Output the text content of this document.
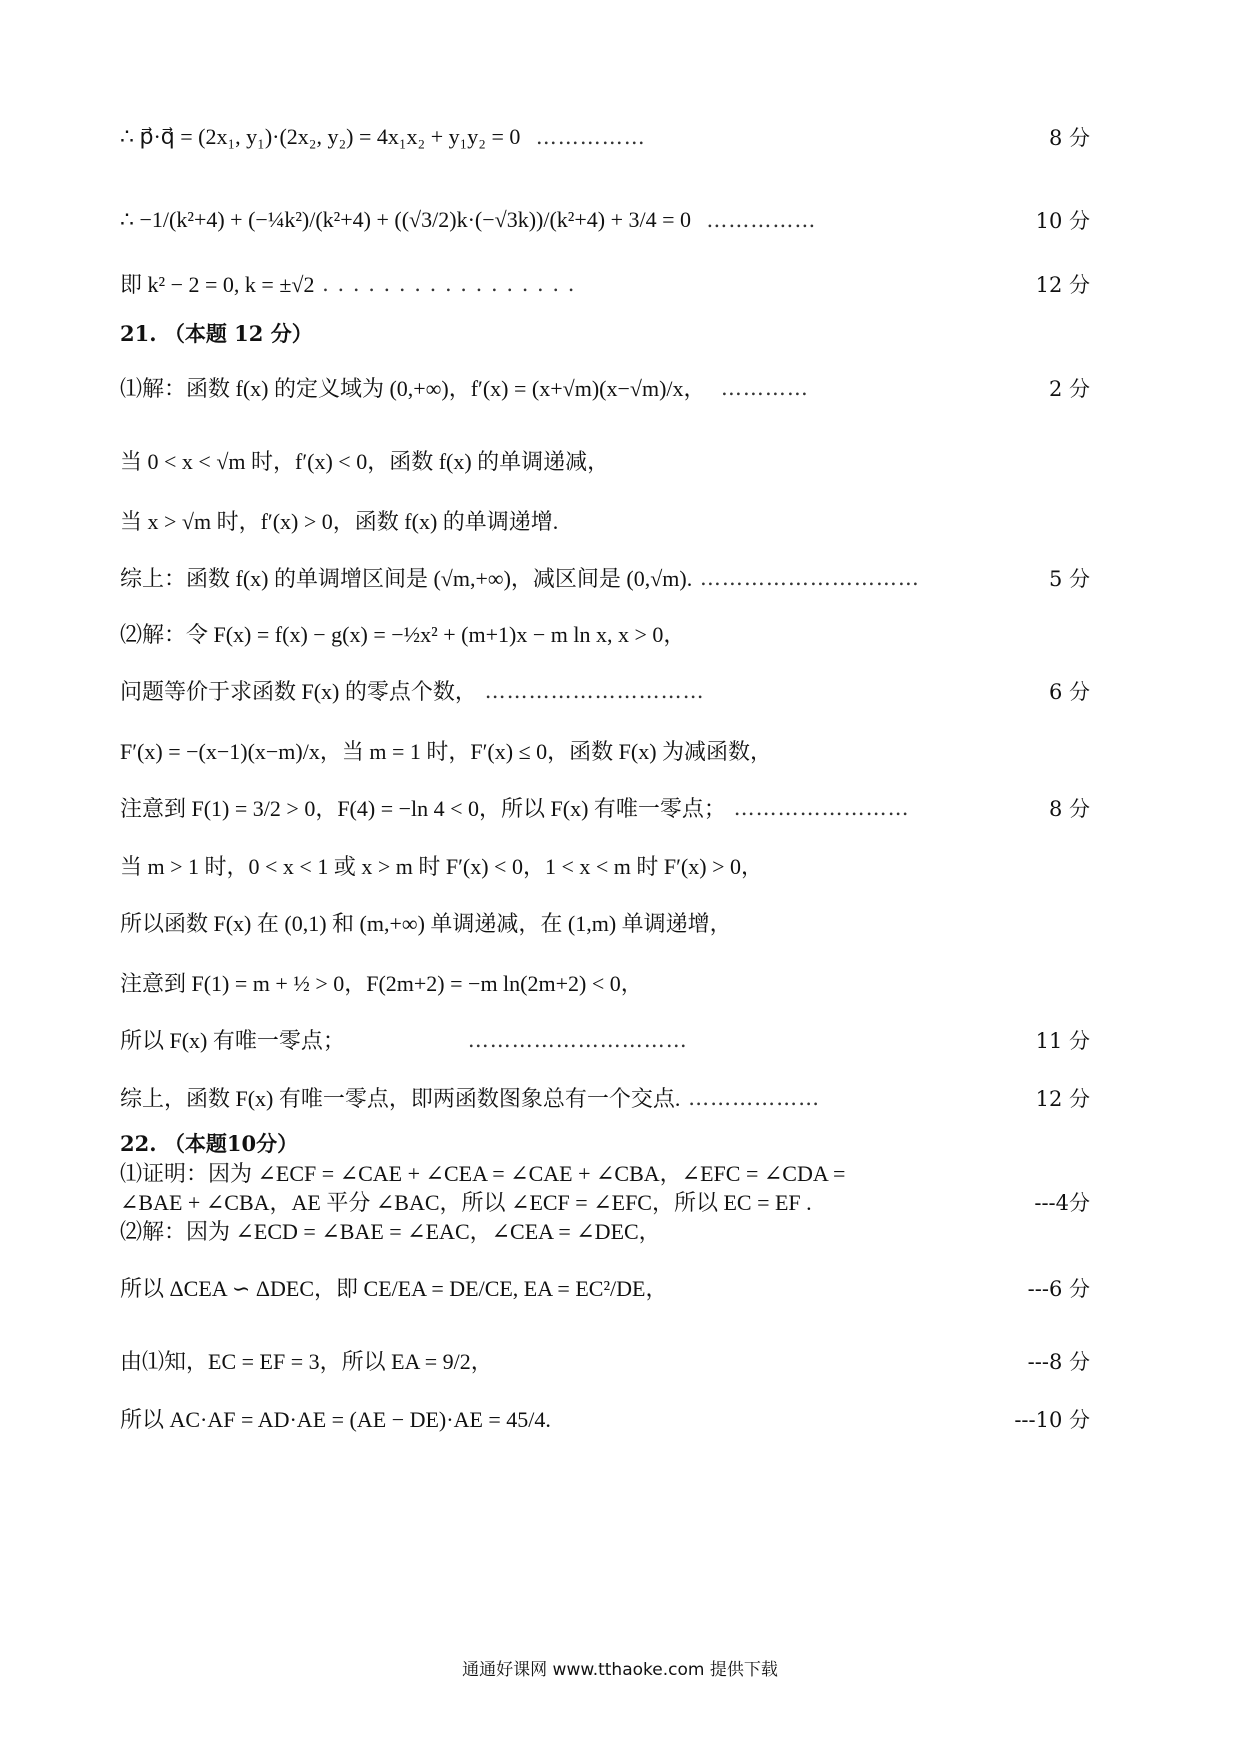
∴ p⃗·q⃗ = (2x₁, y₁)·(2x₂, y₂) = 4x₁x₂ + y₁y₂ = 0 ……………	8 分
∴ −1/(k²+4) + (−¼k²)/(k²+4) + ((√3/2)k·(−√3k))/(k²+4) + 3/4 = 0 ……………	10 分
即 k² − 2 = 0, k = ±√2 . . . . . . . . . . . . . . . . .	12 分
21. （本题 12 分）
⑴解：函数 f(x) 的定义域为 (0,+∞)，f′(x) = (x+√m)(x−√m)/x， …………	2 分
当 0 < x < √m 时，f′(x) < 0，函数 f(x) 的单调递减，
当 x > √m 时，f′(x) > 0，函数 f(x) 的单调递增.
综上：函数 f(x) 的单调增区间是 (√m,+∞)，减区间是 (0,√m). …………………………	5 分
⑵解：令 F(x) = f(x) − g(x) = −½x² + (m+1)x − m ln x, x > 0，
问题等价于求函数 F(x) 的零点个数， …………………………	6 分
F′(x) = −(x−1)(x−m)/x，当 m = 1 时，F′(x) ≤ 0，函数 F(x) 为减函数，
注意到 F(1) = 3/2 > 0，F(4) = −ln 4 < 0，所以 F(x) 有唯一零点； ……………………	8 分
当 m > 1 时，0 < x < 1 或 x > m 时 F′(x) < 0，1 < x < m 时 F′(x) > 0，
所以函数 F(x) 在 (0,1) 和 (m,+∞) 单调递减，在 (1,m) 单调递增，
注意到 F(1) = m + ½ > 0，F(2m+2) = −m ln(2m+2) < 0，
所以 F(x) 有唯一零点； …………………………	11 分
综上，函数 F(x) 有唯一零点，即两函数图象总有一个交点. ………………	12 分
22. （本题10分）
⑴证明：因为 ∠ECF = ∠CAE + ∠CEA = ∠CAE + ∠CBA，∠EFC = ∠CDA =
∠BAE + ∠CBA，AE 平分 ∠BAC，所以 ∠ECF = ∠EFC，所以 EC = EF .	---4分
⑵解：因为 ∠ECD = ∠BAE = ∠EAC，∠CEA = ∠DEC，
所以 ΔCEA ∽ ΔDEC，即 CE/EA = DE/CE, EA = EC²/DE，	---6 分
由⑴知，EC = EF = 3，所以 EA = 9/2，	---8 分
所以 AC·AF = AD·AE = (AE − DE)·AE = 45/4.	---10 分
通通好课网 www.tthaoke.com 提供下载
